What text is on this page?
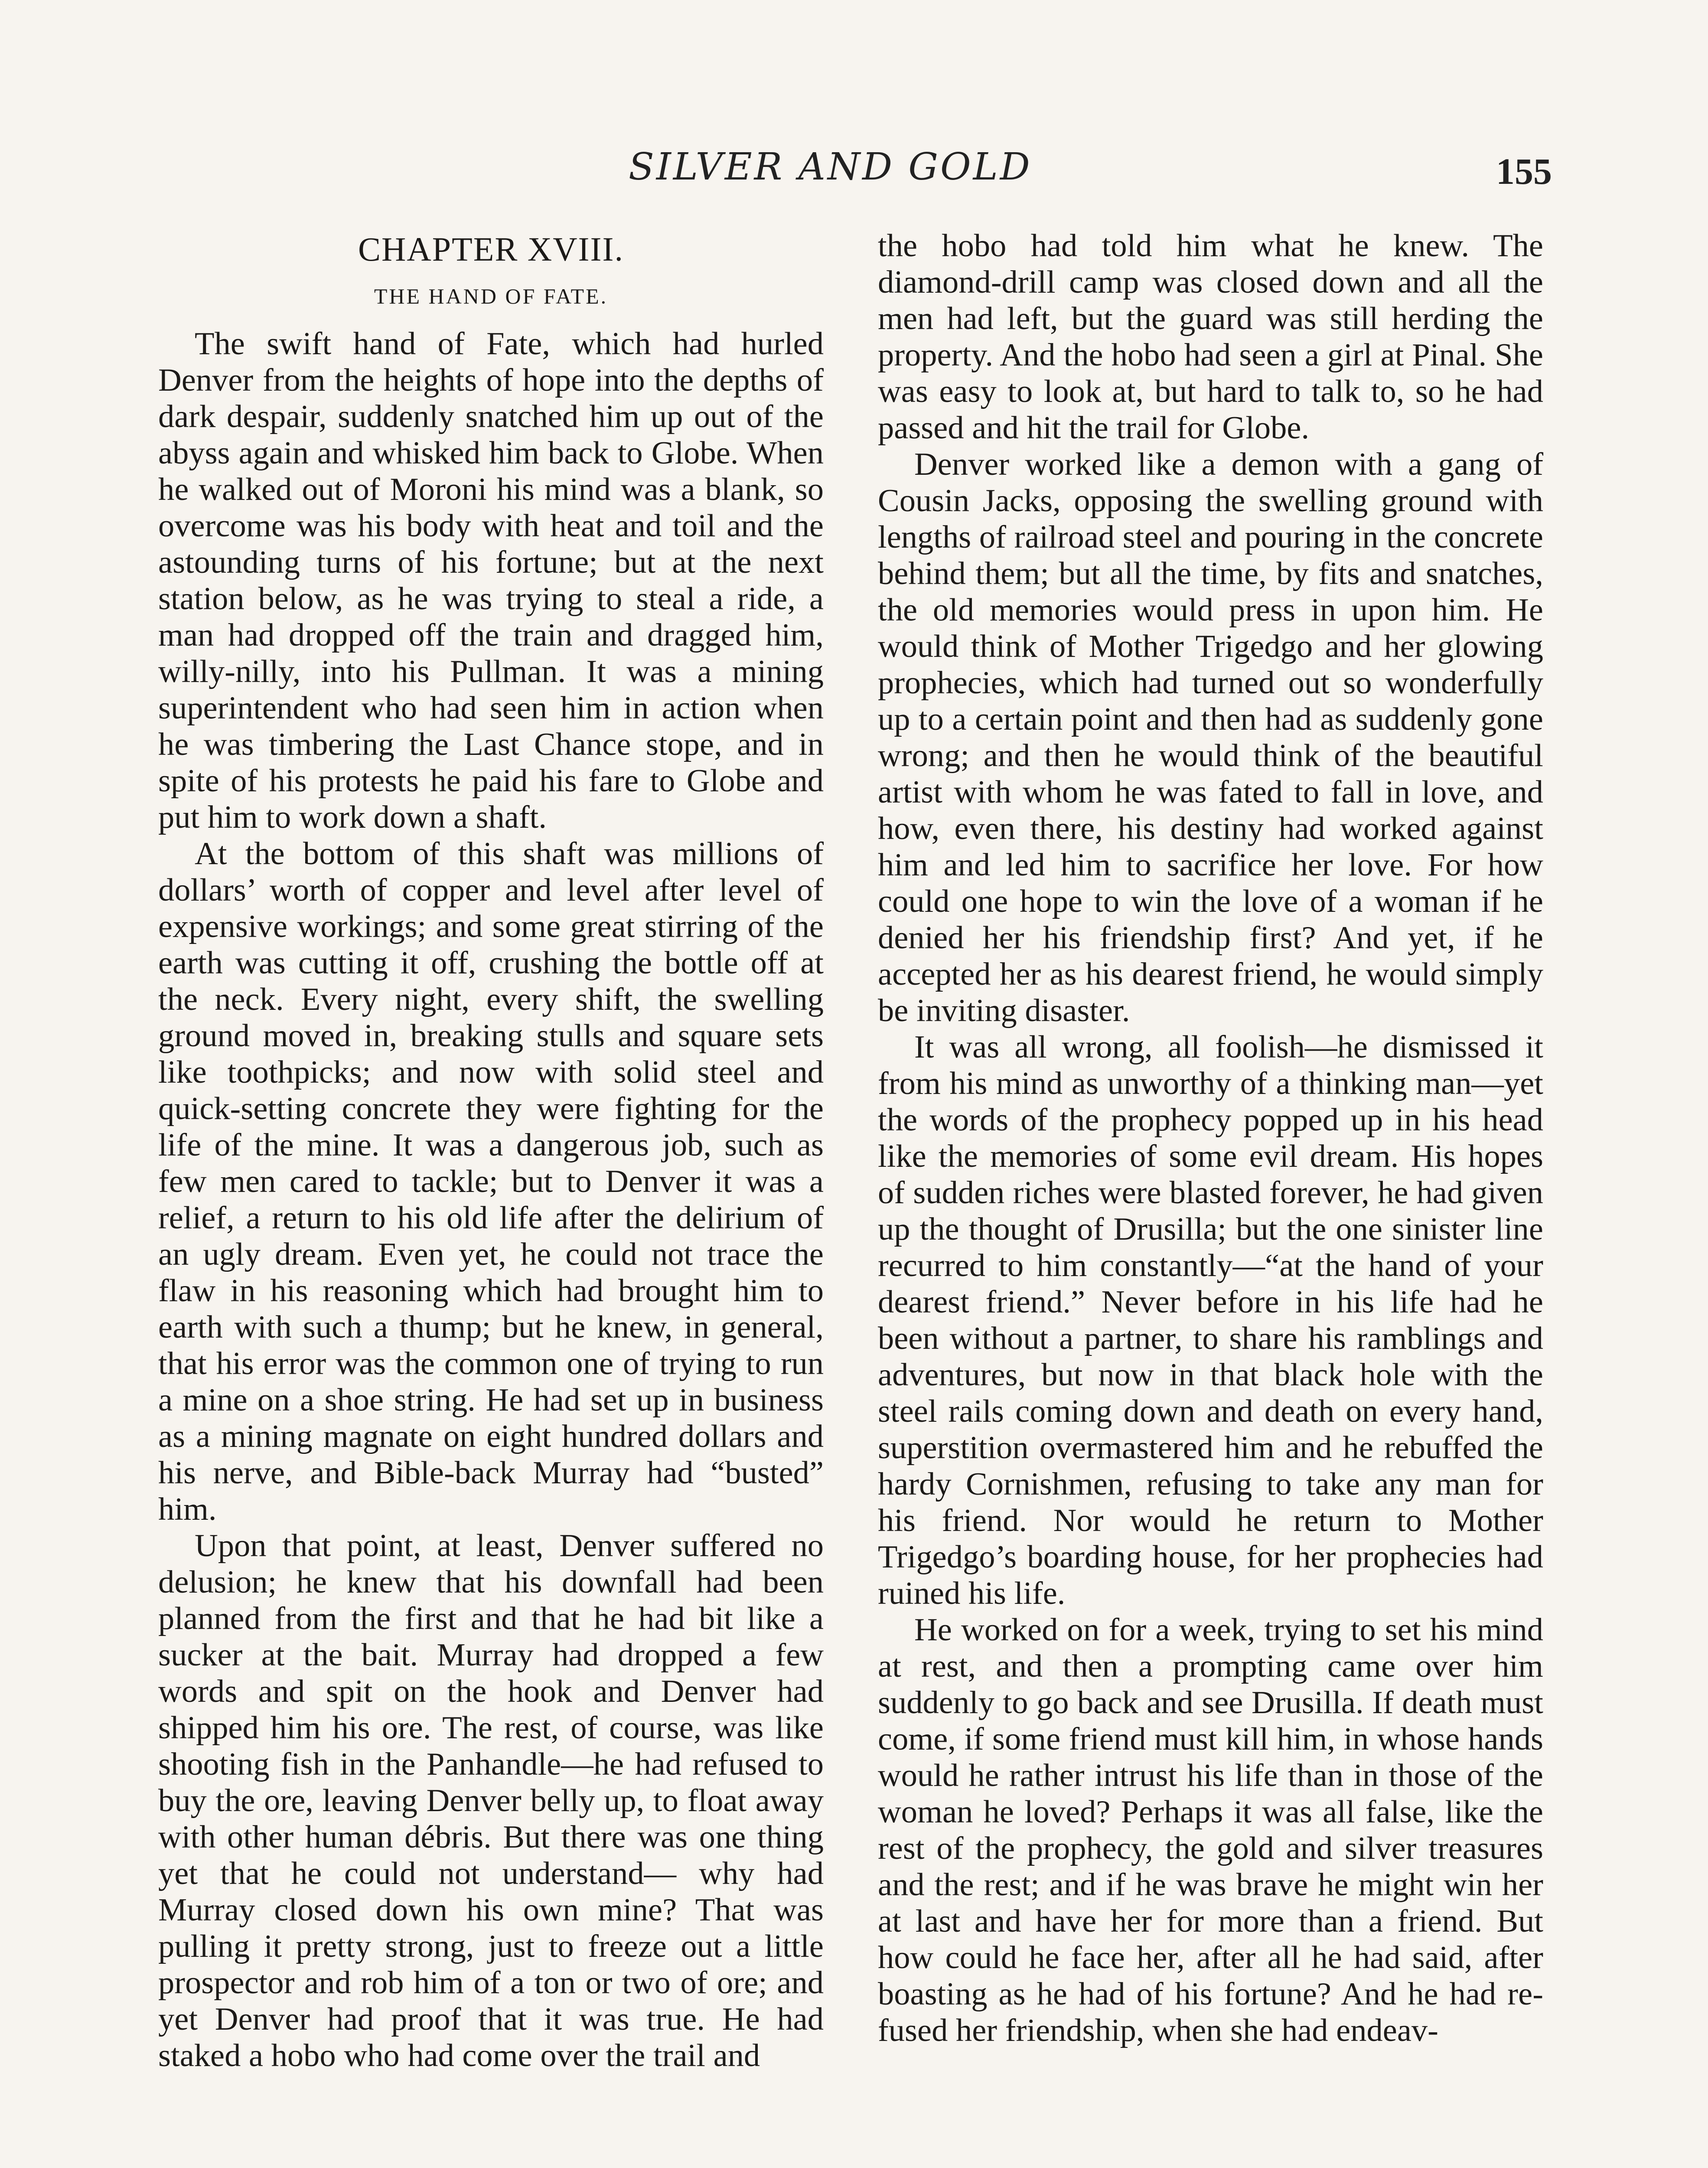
SILVER AND GOLD	155
CHAPTER XVIII.
THE HAND OF FATE.

The swift hand of Fate, which had hurled Denver from the heights of hope into the depths of dark despair, suddenly snatched him up out of the abyss again and whisked him back to Globe. When he walked out of Moroni his mind was a blank, so overcome was his body with heat and toil and the astounding turns of his fortune; but at the next station below, as he was trying to steal a ride, a man had dropped off the train and dragged him, willy-nilly, into his Pullman. It was a mining superintendent who had seen him in action when he was timbering the Last Chance stope, and in spite of his protests he paid his fare to Globe and put him to work down a shaft.

At the bottom of this shaft was millions of dollars’ worth of copper and level after level of expensive workings; and some great stirring of the earth was cutting it off, crushing the bottle off at the neck. Every night, every shift, the swelling ground moved in, breaking stulls and square sets like toothpicks; and now with solid steel and quick-setting concrete they were fighting for the life of the mine. It was a dangerous job, such as few men cared to tackle; but to Denver it was a relief, a return to his old life after the delirium of an ugly dream. Even yet, he could not trace the flaw in his reasoning which had brought him to earth with such a thump; but he knew, in general, that his error was the common one of trying to run a mine on a shoe string. He had set up in business as a mining magnate on eight hundred dollars and his nerve, and Bible-back Murray had “busted” him.

Upon that point, at least, Denver suffered no delusion; he knew that his downfall had been planned from the first and that he had bit like a sucker at the bait. Murray had dropped a few words and spit on the hook and Denver had shipped him his ore. The rest, of course, was like shooting fish in the Panhandle—he had refused to buy the ore, leaving Denver belly up, to float away with other human débris. But there was one thing yet that he could not understand— why had Murray closed down his own mine? That was pulling it pretty strong, just to freeze out a little prospector and rob him of a ton or two of ore; and yet Denver had proof that it was true. He had staked a hobo who had come over the trail and

the hobo had told him what he knew. The diamond-drill camp was closed down and all the men had left, but the guard was still herding the property. And the hobo had seen a girl at Pinal. She was easy to look at, but hard to talk to, so he had passed and hit the trail for Globe.

Denver worked like a demon with a gang of Cousin Jacks, opposing the swelling ground with lengths of railroad steel and pouring in the concrete behind them; but all the time, by fits and snatches, the old memories would press in upon him. He would think of Mother Trigedgo and her glowing prophecies, which had turned out so wonderfully up to a certain point and then had as suddenly gone wrong; and then he would think of the beautiful artist with whom he was fated to fall in love, and how, even there, his destiny had worked against him and led him to sacrifice her love. For how could one hope to win the love of a woman if he denied her his friendship first? And yet, if he accepted her as his dearest friend, he would simply be inviting disaster.

It was all wrong, all foolish—he dismissed it from his mind as unworthy of a thinking man—yet the words of the prophecy popped up in his head like the memories of some evil dream. His hopes of sudden riches were blasted forever, he had given up the thought of Drusilla; but the one sinister line recurred to him constantly—“at the hand of your dearest friend.” Never before in his life had he been without a partner, to share his ramblings and adventures, but now in that black hole with the steel rails coming down and death on every hand, superstition overmastered him and he rebuffed the hardy Cornishmen, refusing to take any man for his friend. Nor would he return to Mother Trigedgo’s boarding house, for her prophecies had ruined his life.

He worked on for a week, trying to set his mind at rest, and then a prompting came over him suddenly to go back and see Drusilla. If death must come, if some friend must kill him, in whose hands would he rather intrust his life than in those of the woman he loved? Perhaps it was all false, like the rest of the prophecy, the gold and silver treasures and the rest; and if he was brave he might win her at last and have her for more than a friend. But how could he face her, after all he had said, after boasting as he had of his fortune? And he had refused her friendship, when she had endeav-
